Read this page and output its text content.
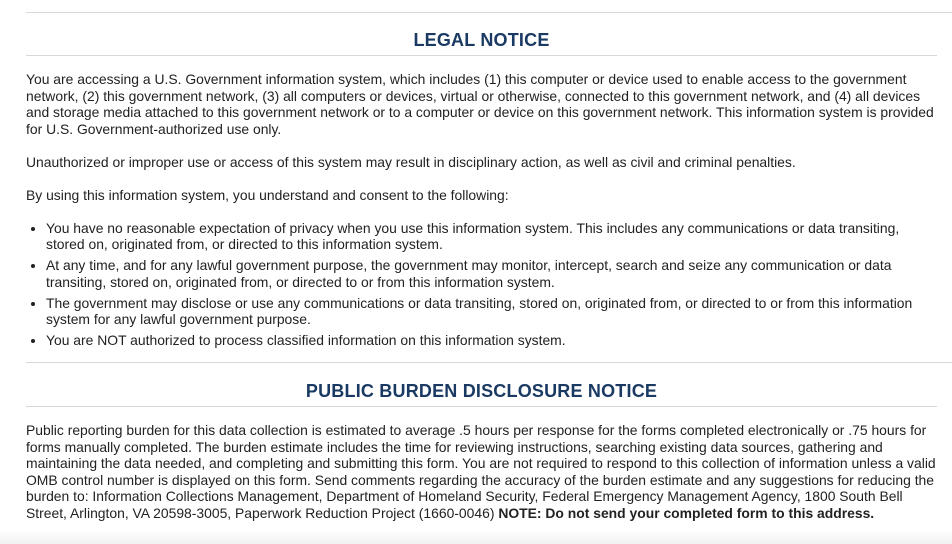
LEGAL NOTICE

You are accessing a U.S. Government information system, which includes (1) this computer or device used to enable access to the government network, (2) this government network, (3) all computers or devices, virtual or otherwise, connected to this government network, and (4) all devices and storage media attached to this government network or to a computer or device on this government network. This information system is provided for U.S. Government-authorized use only.

Unauthorized or improper use or access of this system may result in disciplinary action, as well as civil and criminal penalties.

By using this information system, you understand and consent to the following:

• You have no reasonable expectation of privacy when you use this information system. This includes any communications or data transiting, stored on, originated from, or directed to this information system.
• At any time, and for any lawful government purpose, the government may monitor, intercept, search and seize any communication or data transiting, stored on, originated from, or directed to or from this information system.
• The government may disclose or use any communications or data transiting, stored on, originated from, or directed to or from this information system for any lawful government purpose.
• You are NOT authorized to process classified information on this information system.
PUBLIC BURDEN DISCLOSURE NOTICE

Public reporting burden for this data collection is estimated to average .5 hours per response for the forms completed electronically or .75 hours for forms manually completed. The burden estimate includes the time for reviewing instructions, searching existing data sources, gathering and maintaining the data needed, and completing and submitting this form. You are not required to respond to this collection of information unless a valid OMB control number is displayed on this form. Send comments regarding the accuracy of the burden estimate and any suggestions for reducing the burden to: Information Collections Management, Department of Homeland Security, Federal Emergency Management Agency, 1800 South Bell Street, Arlington, VA 20598-3005, Paperwork Reduction Project (1660-0046) NOTE: Do not send your completed form to this address.
